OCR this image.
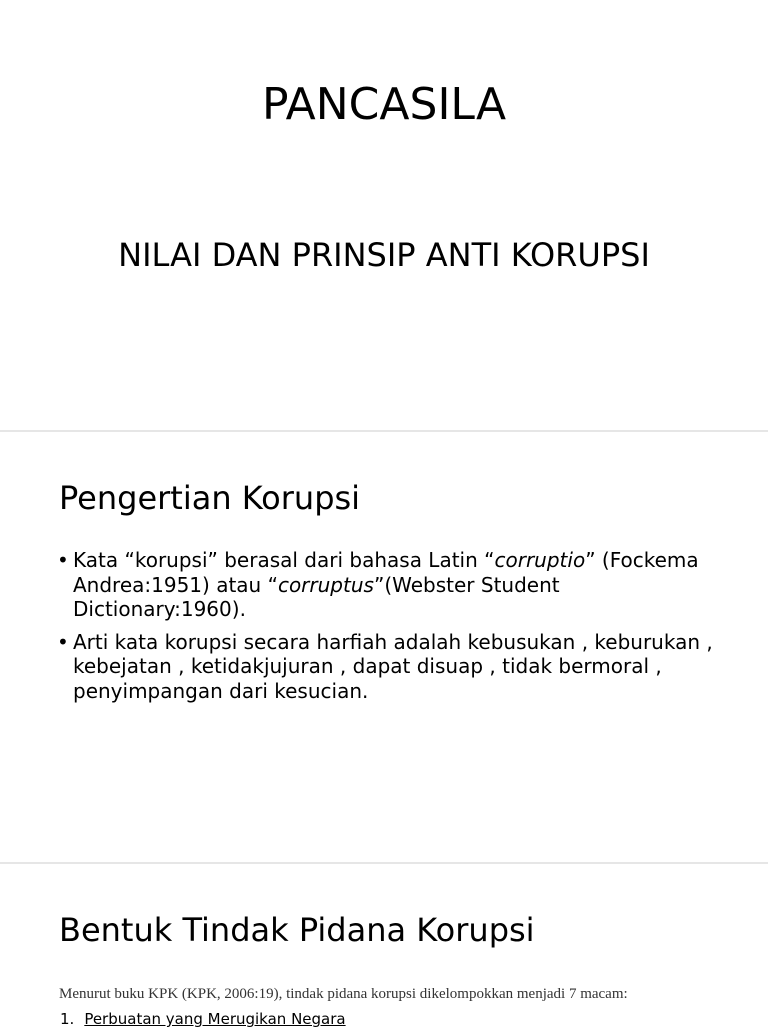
PANCASILA
NILAI DAN PRINSIP ANTI KORUPSI
Pengertian Korupsi
• Kata “korupsi” berasal dari bahasa Latin “corruptio” (Fockema Andrea:1951) atau “corruptus”(Webster Student Dictionary:1960).
• Arti kata korupsi secara harfiah adalah kebusukan , keburukan , kebejatan , ketidakjujuran , dapat disuap , tidak bermoral , penyimpangan dari kesucian.
Bentuk Tindak Pidana Korupsi

Menurut buku KPK (KPK, 2006:19), tindak pidana korupsi dikelompokkan menjadi 7 macam:

1. Perbuatan yang Merugikan Negara
